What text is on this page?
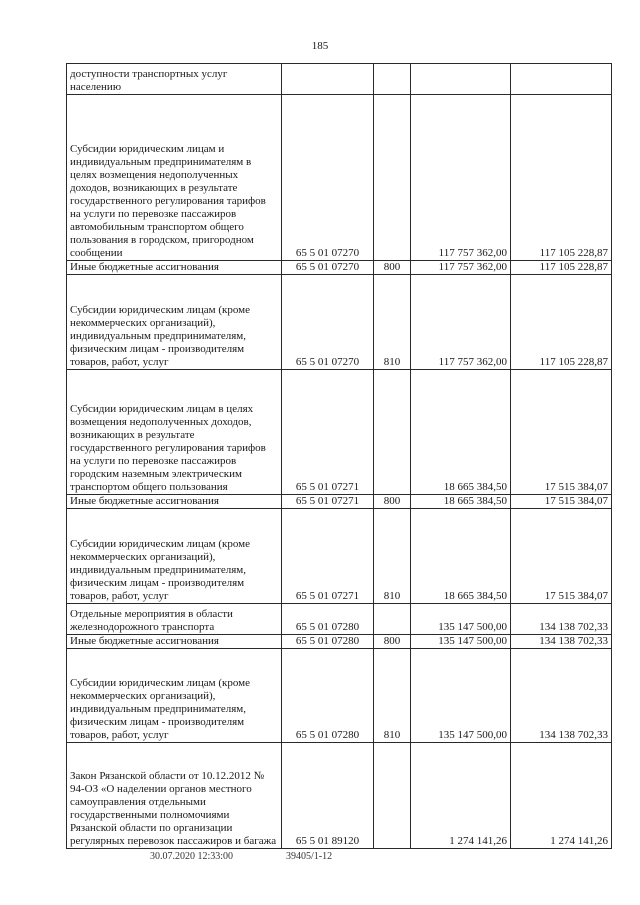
185
доступности транспортных услуг населению				
Субсидии юридическим лицам и индивидуальным предпринимателям в целях возмещения недополученных доходов, возникающих в результате государственного регулирования тарифов на услуги по перевозке пассажиров автомобильным транспортом общего пользования в городском, пригородном сообщении	65 5 01 07270		117 757 362,00	117 105 228,87
Иные бюджетные ассигнования	65 5 01 07270	800	117 757 362,00	117 105 228,87
Субсидии юридическим лицам (кроме некоммерческих организаций), индивидуальным предпринимателям, физическим лицам - производителям товаров, работ, услуг	65 5 01 07270	810	117 757 362,00	117 105 228,87
Субсидии юридическим лицам в целях возмещения недополученных доходов, возникающих в результате государственного регулирования тарифов на услуги по перевозке пассажиров городским наземным электрическим транспортом общего пользования	65 5 01 07271		18 665 384,50	17 515 384,07
Иные бюджетные ассигнования	65 5 01 07271	800	18 665 384,50	17 515 384,07
Субсидии юридическим лицам (кроме некоммерческих организаций), индивидуальным предпринимателям, физическим лицам - производителям товаров, работ, услуг	65 5 01 07271	810	18 665 384,50	17 515 384,07
Отдельные мероприятия в области железнодорожного транспорта	65 5 01 07280		135 147 500,00	134 138 702,33
Иные бюджетные ассигнования	65 5 01 07280	800	135 147 500,00	134 138 702,33
Субсидии юридическим лицам (кроме некоммерческих организаций), индивидуальным предпринимателям, физическим лицам - производителям товаров, работ, услуг	65 5 01 07280	810	135 147 500,00	134 138 702,33
Закон Рязанской области от 10.12.2012 № 94-ОЗ «О наделении органов местного самоуправления отдельными государственными полномочиями Рязанской области по организации регулярных перевозок пассажиров и багажа	65 5 01 89120		1 274 141,26	1 274 141,26
30.07.2020 12:33:00	39405/1-12
